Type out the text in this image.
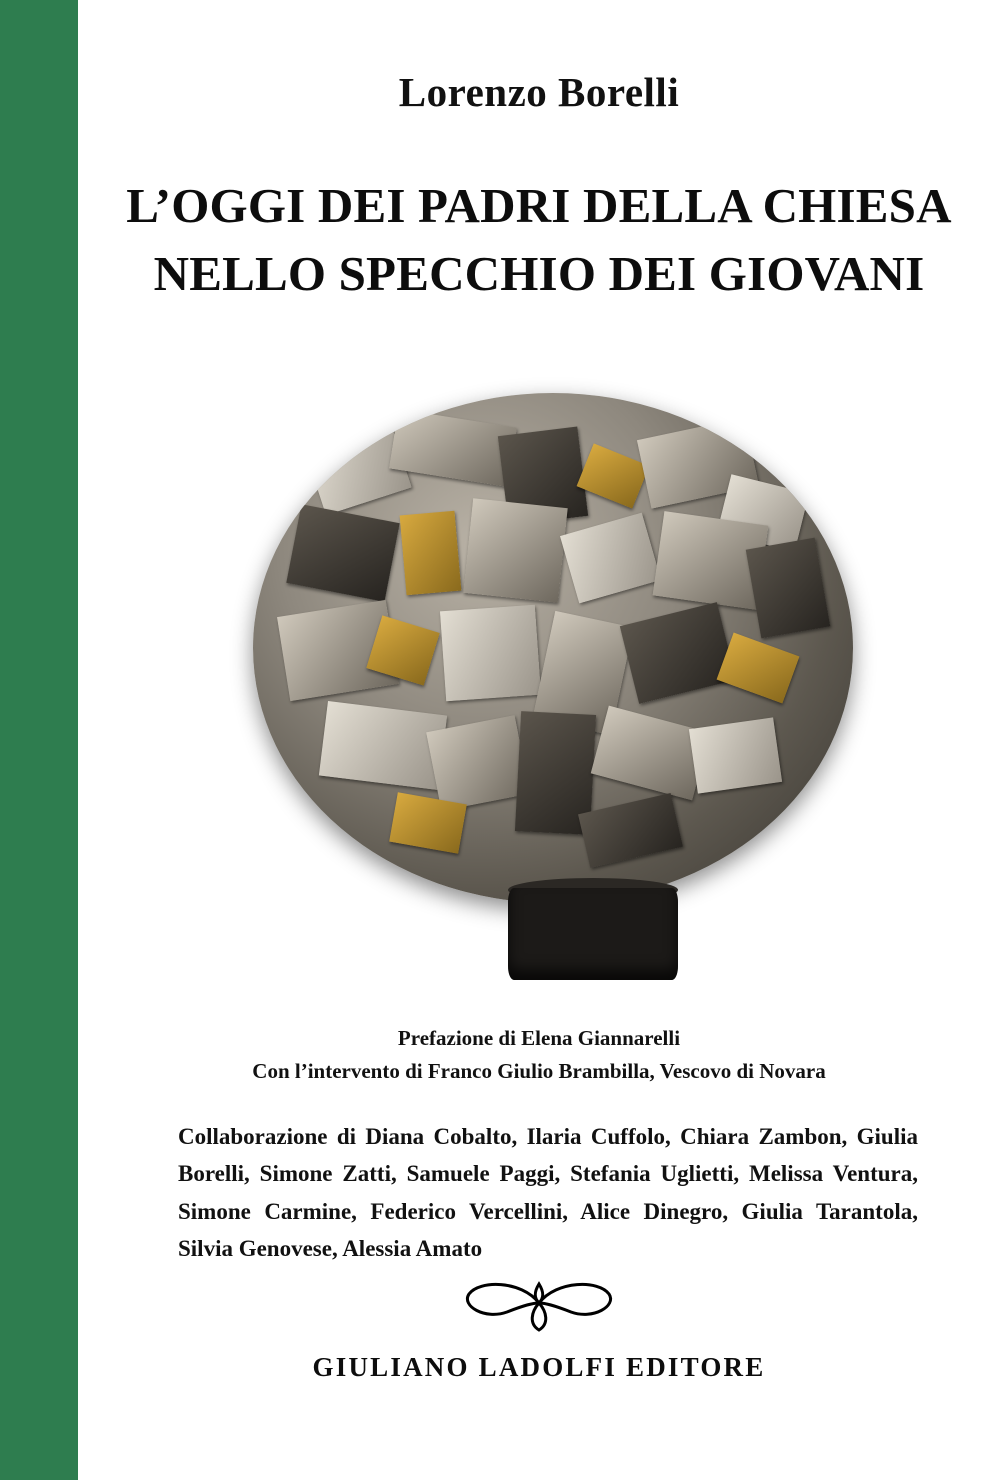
Lorenzo Borelli
L’OGGI DEI PADRI DELLA CHIESA
NELLO SPECCHIO DEI GIOVANI
Prefazione di Elena Giannarelli
Con l’intervento di Franco Giulio Brambilla, Vescovo di Novara
Collaborazione di Diana Cobalto, Ilaria Cuffolo, Chiara Zambon, Giulia Borelli, Simone Zatti, Samuele Paggi, Stefania Uglietti, Melissa Ventura, Simone Carmine, Federico Vercellini, Alice Dinegro, Giulia Tarantola, Silvia Genovese, Alessia Amato
GIULIANO LADOLFI EDITORE
